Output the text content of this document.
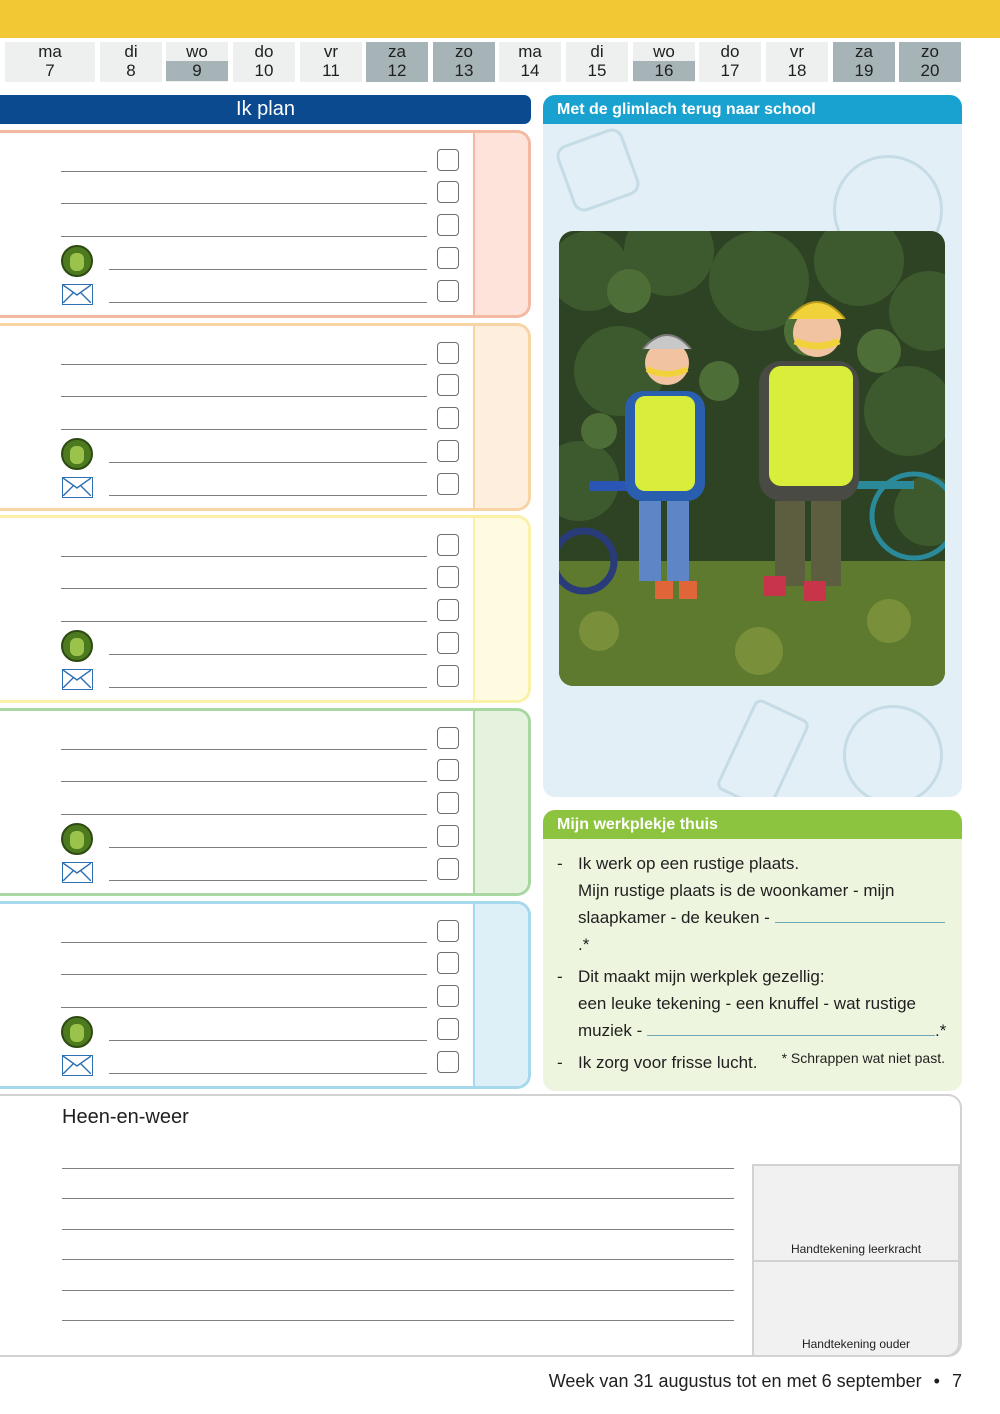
ma
7
di
8
wo
9
do
10
vr
11
za
12
zo
13
ma
14
di
15
wo
16
do
17
vr
18
za
19
zo
20
Ik plan	Met de glimlach terug naar school
Mijn werkplekje thuis
- Ik werk op een rustige plaats.

Mijn rustige plaats is de woonkamer - mijn

slaapkamer - de keuken - .*

- Dit maakt mijn werkplek gezellig:

een leuke tekening - een knuffel - wat rustige

muziek -	.*

- Ik zorg voor frisse lucht.	* Schrappen wat niet past.
Heen-en-weer
Handtekening leerkracht
Handtekening ouder
Week van 31 augustus tot en met 6 september • 7
